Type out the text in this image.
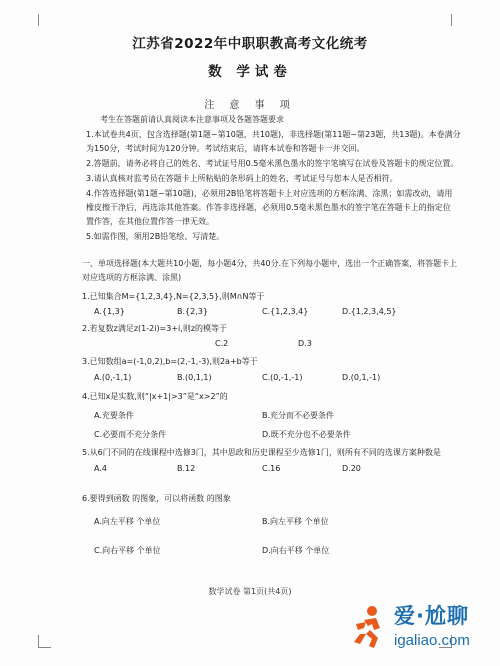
江苏省2022年中职职教高考文化统考
数 学试卷
注 意 事 项
考生在答题前请认真阅读本注意事项及各题答题要求
1.本试卷共4页，包含选择题(第1题~第10题，共10题)，非选择题(第11题~第23题，共13题)。本卷满分
为150分，考试时间为120分钟。考试结束后，请将本试卷和答题卡一并交回。
2.答题前，请务必将自己的姓名、考试证号用0.5毫米黑色墨水的签字笔填写在试卷及答题卡的规定位置。
3.请认真核对监考员在答题卡上所粘贴的条形码上的姓名、考试证号与您本人是否相符。
4.作答选择题(第1题~第10题)，必须用2B铅笔将答题卡上对应选项的方框涂满、涂黑；如需改动，请用
橡皮擦干净后，再选涂其他答案。作答非选择题，必须用0.5毫米黑色墨水的签字笔在答题卡上的指定位
置作答，在其他位置作答一律无效。
5.如需作图，须用2B铅笔绘、写清楚。
一、单项选择题(本大题共10小题，每小题4分，共40分.在下列每小题中，选出一个正确答案，将答题卡上
对应选项的方框涂满、涂黑)
1.已知集合M={1,2,3,4},N={2,3,5},则M∩N等于
A.{1,3}	B.{2,3}	C.{1,2,3,4}	D.{1,2,3,4,5}
2.若复数z满足z(1-2i)=3+i,则z的模等于
C.2	D.3
3.已知数组a=(-1,0,2),b=(2,-1,-3),则2a+b等于
A.(0,-1,1)	B.(0,1,1)	C.(0,-1,-1)	D.(0,1,-1)
4.已知x是实数,则“|x+1|>3”是“x>2”的
A.充要条件	B.充分而不必要条件
C.必要而不充分条件	D.既不充分也不必要条件
5.从6门不同的在线课程中选修3门，其中思政和历史课程至少选修1门，则所有不同的选课方案种数是
A.4	B.12	C.16	D.20
6.要得到函数 的图象，可以将函数 的图象
A.向左平移 个单位	B.向左平移 个单位
C.向右平移 个单位	D.向右平移 个单位
数学试卷 第1页(共4页)
爱·尬聊
igaliao.com
